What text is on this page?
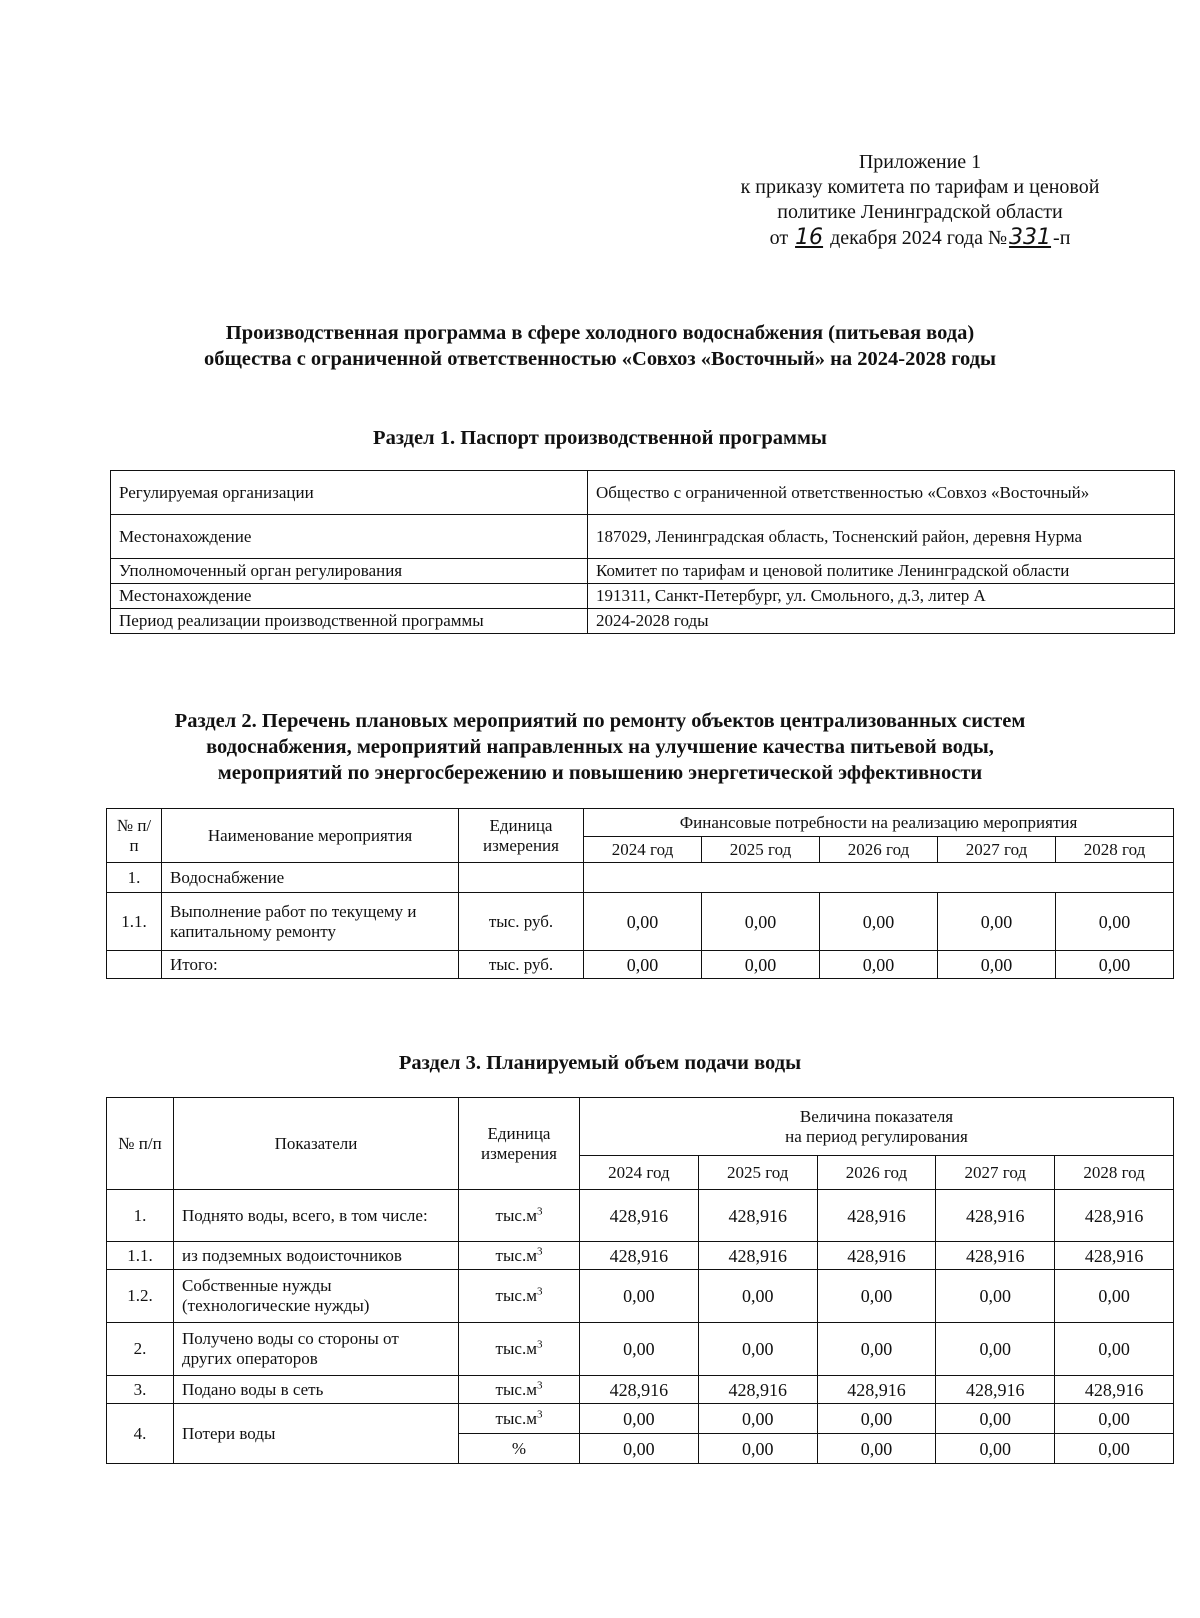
Приложение 1
к приказу комитета по тарифам и ценовой
политике Ленинградской области
от 16 декабря 2024 года №331 -п
Производственная программа в сфере холодного водоснабжения (питьевая вода)
общества с ограниченной ответственностью «Совхоз «Восточный» на 2024-2028 годы
Раздел 1. Паспорт производственной программы
Регулируемая организации	Общество с ограниченной ответственностью «Совхоз «Восточный»
Местонахождение	187029, Ленинградская область, Тосненский район, деревня Нурма
Уполномоченный орган регулирования	Комитет по тарифам и ценовой политике Ленинградской области
Местонахождение	191311, Санкт-Петербург, ул. Смольного, д.3, литер А
Период реализации производственной программы	2024-2028 годы
Раздел 2. Перечень плановых мероприятий по ремонту объектов централизованных систем
водоснабжения, мероприятий направленных на улучшение качества питьевой воды,
мероприятий по энергосбережению и повышению энергетической эффективности
№ п/п	Наименование мероприятия	Единица измерения	Финансовые потребности на реализацию мероприятия				
			2024 год	2025 год	2026 год	2027 год	2028 год
1.	Водоснабжение						
1.1.	Выполнение работ по текущему и капитальному ремонту	тыс. руб.	0,00	0,00	0,00	0,00	0,00
	Итого:	тыс. руб.	0,00	0,00	0,00	0,00	0,00
Раздел 3. Планируемый объем подачи воды
№ п/п	Показатели	Единица измерения	Величина показателя
на период регулирования				

			2024 год	2025 год	2026 год	2027 год	2028 год
1.	Поднято воды, всего, в том числе:	$тыс.м^3$	428,916	428,916	428,916	428,916	428,916
1.1.	из подземных водоисточников	$тыс.м^3$	428,916	428,916	428,916	428,916	428,916
1.2.	Собственные нужды (технологические нужды)	$тыс.м^3$	0,00	0,00	0,00	0,00	0,00
2.	Получено воды со стороны от других операторов	$тыс.м^3$	0,00	0,00	0,00	0,00	0,00
3.	Подано воды в сеть	$тыс.м^3$	428,916	428,916	428,916	428,916	428,916
4.	Потери воды	$тыс.м^3$	0,00	0,00	0,00	0,00	0,00
		%	0,00	0,00	0,00	0,00	0,00
